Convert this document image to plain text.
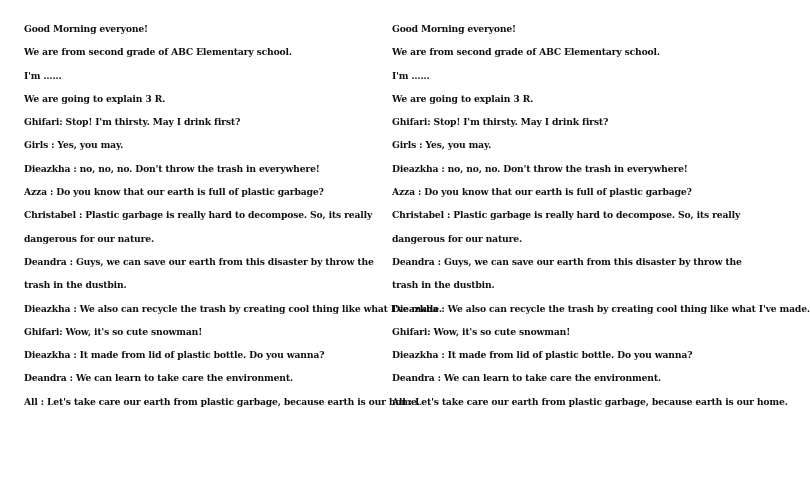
Good Morning everyone!
We are from second grade of ABC Elementary school.
I'm ……
We are going to explain 3 R.
Ghifari: Stop! I'm thirsty. May I drink first?
Girls : Yes, you may.
Dieazkha : no, no, no. Don't throw the trash in everywhere!
Azza : Do you know that our earth is full of plastic garbage?
Christabel : Plastic garbage is really hard to decompose. So, its really dangerous for our nature.
Deandra : Guys, we can save our earth from this disaster by throw the trash in the dustbin.
Dieazkha : We also can recycle the trash by creating cool thing like what I've made.
Ghifari: Wow, it's so cute snowman!
Dieazkha : It made from lid of plastic bottle. Do you wanna?
Deandra : We can learn to take care the environment.
All : Let's take care our earth from plastic garbage, because earth is our home.
Good Morning everyone!
We are from second grade of ABC Elementary school.
I'm ……
We are going to explain 3 R.
Ghifari: Stop! I'm thirsty. May I drink first?
Girls : Yes, you may.
Dieazkha : no, no, no. Don't throw the trash in everywhere!
Azza : Do you know that our earth is full of plastic garbage?
Christabel : Plastic garbage is really hard to decompose. So, its really dangerous for our nature.
Deandra : Guys, we can save our earth from this disaster by throw the trash in the dustbin.
Dieazkha : We also can recycle the trash by creating cool thing like what I've made.
Ghifari: Wow, it's so cute snowman!
Dieazkha : It made from lid of plastic bottle. Do you wanna?
Deandra : We can learn to take care the environment.
All : Let's take care our earth from plastic garbage, because earth is our home.
